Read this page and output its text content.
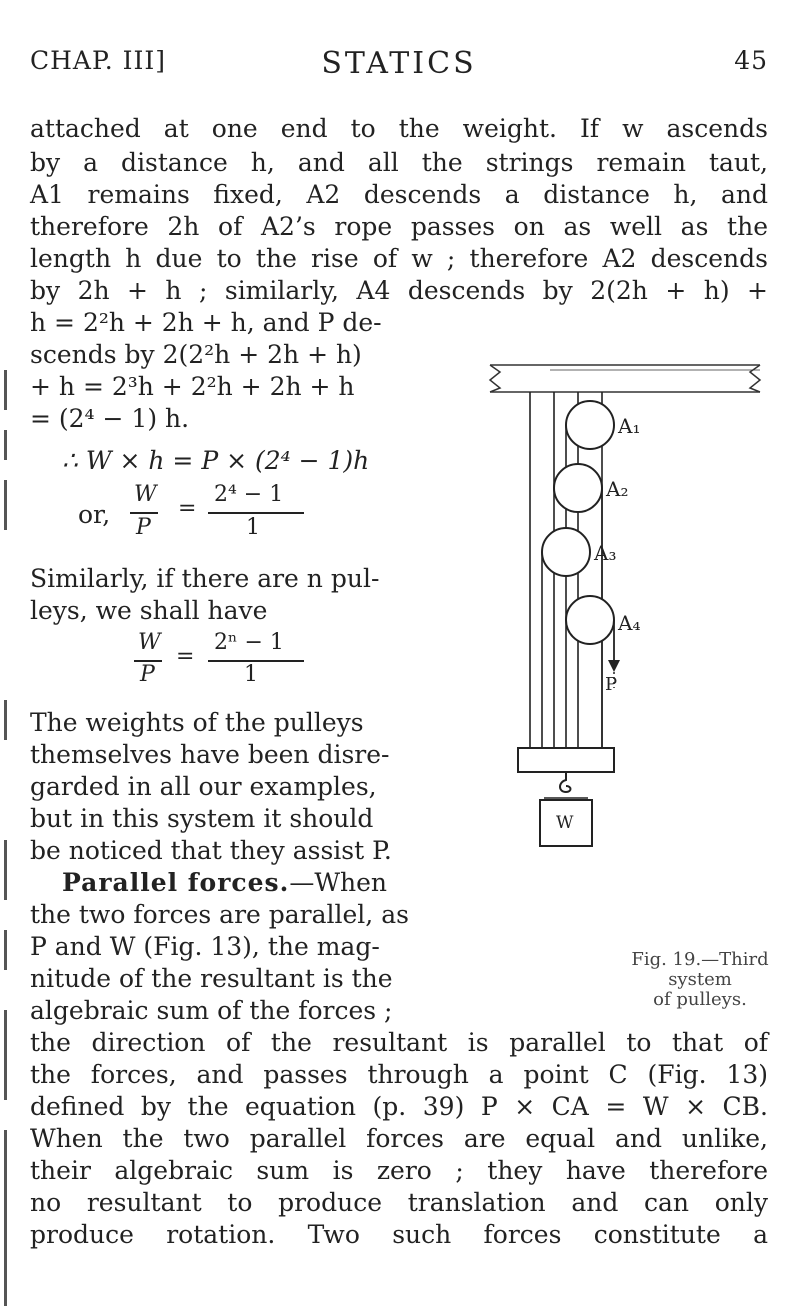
CHAP. III]	STATICS	45
attached at one end to the weight. If w ascends
by a distance h, and all the strings remain taut,
A1 remains fixed, A2 descends a distance h, and
therefore 2h of A2’s rope passes on as well as the
length h due to the rise of w ; therefore A2 descends
by 2h + h ; similarly, A4 descends by 2(2h + h) +
h = 2²h + 2h + h, and P de-
scends by 2(2²h + 2h + h)
+ h = 2³h + 2²h + 2h + h
= (2⁴ − 1) h.
∴ W × h = P × (2⁴ − 1)h
or,
W
P
=
2⁴ − 1
1
Similarly, if there are n pul-
leys, we shall have
W
P
=
2ⁿ − 1
1
The weights of the pulleys
themselves have been disre-
garded in all our examples,
but in this system it should
be noticed that they assist P.
Parallel forces.—When
the two forces are parallel, as
P and W (Fig. 13), the mag-
nitude of the resultant is the
algebraic sum of the forces ;
the direction of the resultant is parallel to that of
the forces, and passes through a point C (Fig. 13)
defined by the equation (p. 39) P × CA = W × CB.
When the two parallel forces are equal and unlike,
their algebraic sum is zero ; they have therefore
no resultant to produce translation and can only
produce rotation. Two such forces constitute a
A₁
A₂
A₃
A₄
P
W
Fig. 19.—Third system
of pulleys.
